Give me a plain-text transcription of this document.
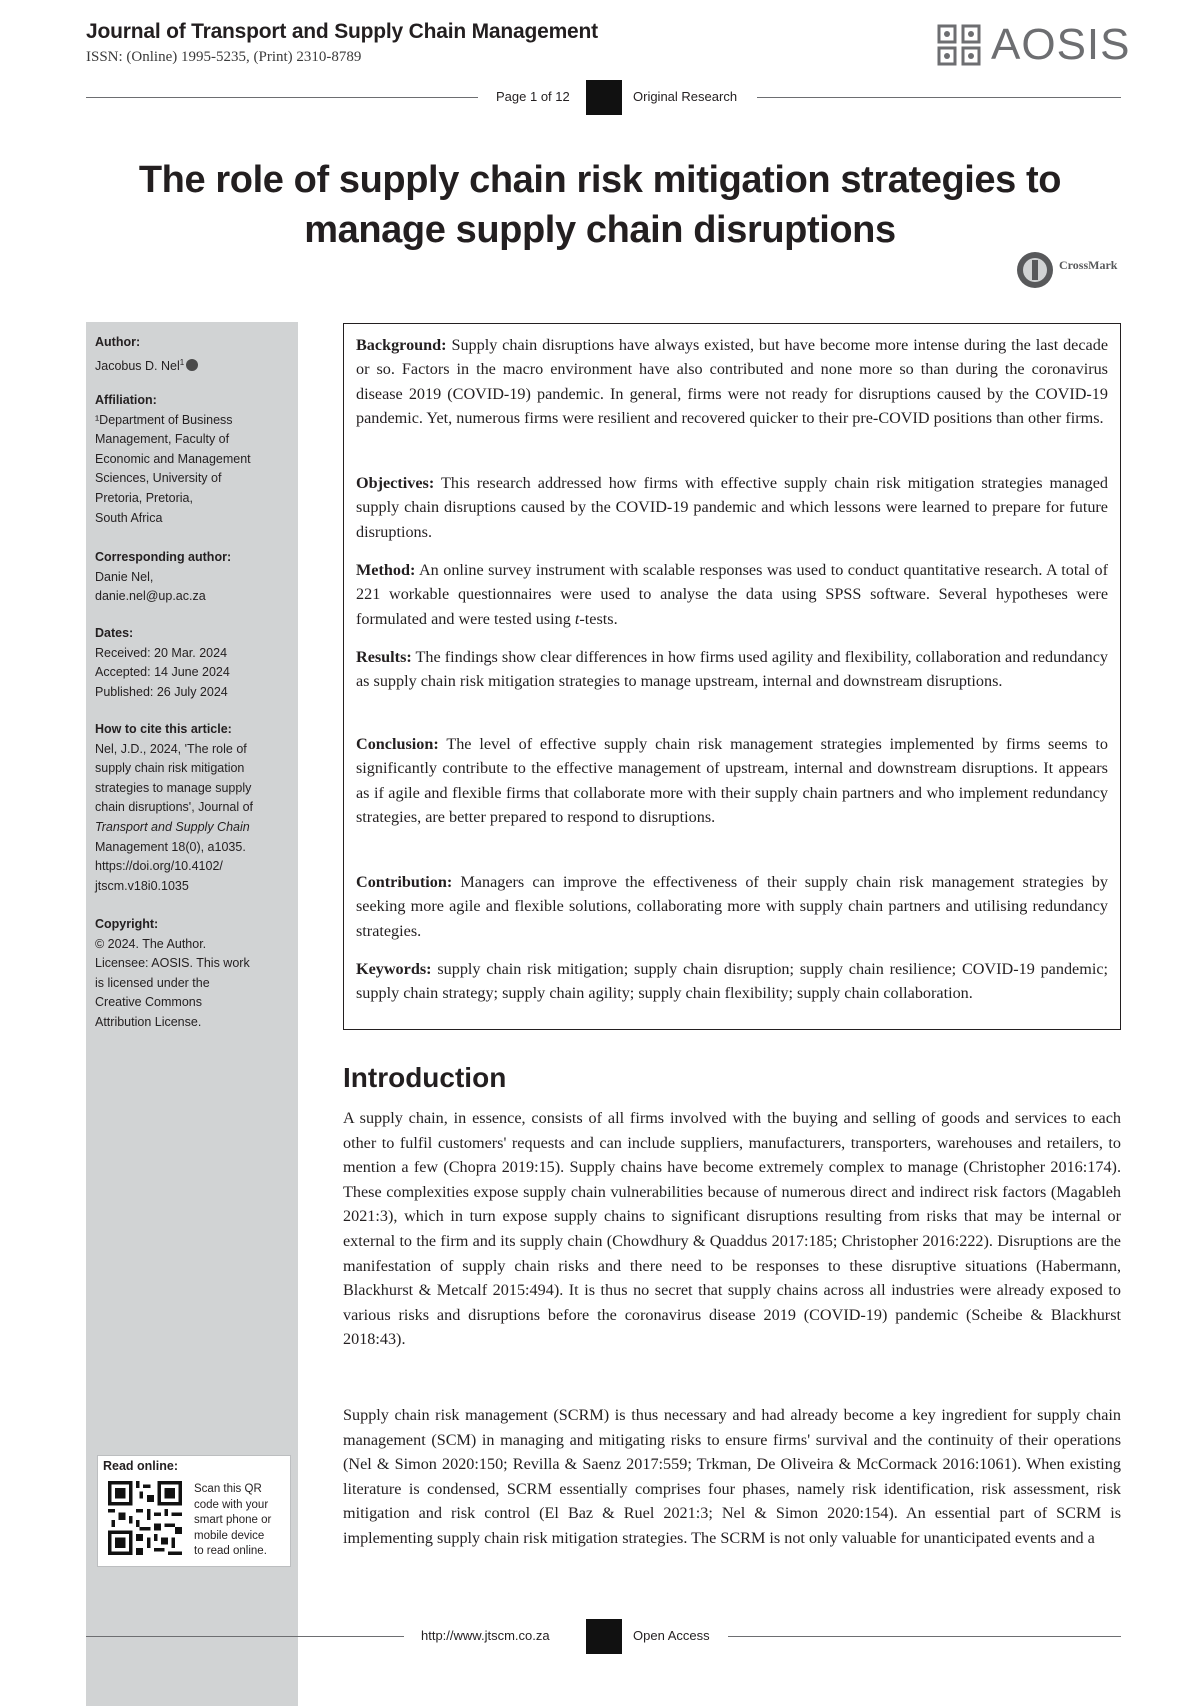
Journal of Transport and Supply Chain Management
ISSN: (Online) 1995-5235, (Print) 2310-8789	AOSIS
Page 1 of 12	Original Research
The role of supply chain risk mitigation strategies to
manage supply chain disruptions
CrossMark
Author:
Jacobus D. Nel$^1$
Affiliation:
¹Department of Business
Management, Faculty of
Economic and Management
Sciences, University of
Pretoria, Pretoria,
South Africa
Corresponding author:
Danie Nel,
danie.nel@up.ac.za
Dates:
Received: 20 Mar. 2024
Accepted: 14 June 2024
Published: 26 July 2024
How to cite this article:
Nel, J.D., 2024, 'The role of
supply chain risk mitigation
strategies to manage supply
chain disruptions', Journal of
Transport and Supply Chain
Management 18(0), a1035.
https://doi.org/10.4102/
jtscm.v18i0.1035
Copyright:
© 2024. The Author.
Licensee: AOSIS. This work
is licensed under the
Creative Commons
Attribution License.
Read online:
Scan this QR
code with your
smart phone or
mobile device
to read online.
Background: Supply chain disruptions have always existed, but have become more intense during the last decade or so. Factors in the macro environment have also contributed and none more so than during the coronavirus disease 2019 (COVID-19) pandemic. In general, firms were not ready for disruptions caused by the COVID-19 pandemic. Yet, numerous firms were resilient and recovered quicker to their pre-COVID positions than other firms.
Objectives: This research addressed how firms with effective supply chain risk mitigation strategies managed supply chain disruptions caused by the COVID-19 pandemic and which lessons were learned to prepare for future disruptions.
Method: An online survey instrument with scalable responses was used to conduct quantitative research. A total of 221 workable questionnaires were used to analyse the data using SPSS software. Several hypotheses were formulated and were tested using t-tests.
Results: The findings show clear differences in how firms used agility and flexibility, collaboration and redundancy as supply chain risk mitigation strategies to manage upstream, internal and downstream disruptions.
Conclusion: The level of effective supply chain risk management strategies implemented by firms seems to significantly contribute to the effective management of upstream, internal and downstream disruptions. It appears as if agile and flexible firms that collaborate more with their supply chain partners and who implement redundancy strategies, are better prepared to respond to disruptions.
Contribution: Managers can improve the effectiveness of their supply chain risk management strategies by seeking more agile and flexible solutions, collaborating more with supply chain partners and utilising redundancy strategies.
Keywords: supply chain risk mitigation; supply chain disruption; supply chain resilience; COVID-19 pandemic; supply chain strategy; supply chain agility; supply chain flexibility; supply chain collaboration.
Introduction
A supply chain, in essence, consists of all firms involved with the buying and selling of goods and services to each other to fulfil customers' requests and can include suppliers, manufacturers, transporters, warehouses and retailers, to mention a few (Chopra 2019:15). Supply chains have become extremely complex to manage (Christopher 2016:174). These complexities expose supply chain vulnerabilities because of numerous direct and indirect risk factors (Magableh 2021:3), which in turn expose supply chains to significant disruptions resulting from risks that may be internal or external to the firm and its supply chain (Chowdhury & Quaddus 2017:185; Christopher 2016:222). Disruptions are the manifestation of supply chain risks and there need to be responses to these disruptive situations (Habermann, Blackhurst & Metcalf 2015:494). It is thus no secret that supply chains across all industries were already exposed to various risks and disruptions before the coronavirus disease 2019 (COVID-19) pandemic (Scheibe & Blackhurst 2018:43).
Supply chain risk management (SCRM) is thus necessary and had already become a key ingredient for supply chain management (SCM) in managing and mitigating risks to ensure firms' survival and the continuity of their operations (Nel & Simon 2020:150; Revilla & Saenz 2017:559; Trkman, De Oliveira & McCormack 2016:1061). When existing literature is condensed, SCRM essentially comprises four phases, namely risk identification, risk assessment, risk mitigation and risk control (El Baz & Ruel 2021:3; Nel & Simon 2020:154). An essential part of SCRM is implementing supply chain risk mitigation strategies. The SCRM is not only valuable for unanticipated events and a
http://www.jtscm.co.za	Open Access
